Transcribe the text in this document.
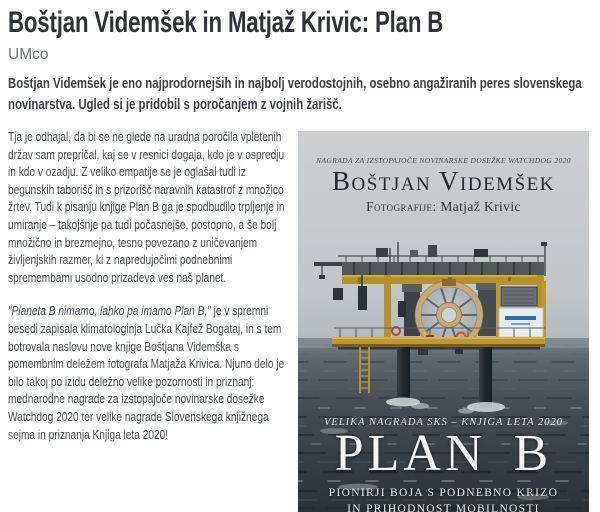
Boštjan Videmšek in Matjaž Krivic: Plan B
UMco
Boštjan Videmšek je eno najprodornejših in najbolj verodostojnih, osebno angažiranih peres slovenskega
novinarstva. Ugled si je pridobil s poročanjem z vojnih žarišč.

Tja je odhajal, da bi se ne glede na uradna poročila vpletenih držav sam prepričal, kaj se v resnici dogaja, kdo je v ospredju in kdo v ozadju. Z veliko empatije se je oglašal tudi iz begunskih taborišč in s prizorišč naravnih katastrof z množico žrtev. Tudi k pisanju knjige Plan B ga je spodbudilo trpljenje in umiranje – takojšnje pa tudi počasnejše, postopno, a še bolj množično in brezmejno, tesno povezano z uničevanjem življenjskih razmer, ki z napredujočimi podnebnimi spremembami usodno prizadeva ves naš planet.

"Planeta B nimamo, lahko pa imamo Plan B," je v spremni besedi zapisala klimatologinja Lučka Kajfež Bogataj, in s tem botrovala naslovu nove knjige Boštjana Videmška s pomembnim deležem fotografa Matjaža Krivica. Njuno delo je bilo takoj po izidu deležno velike pozornosti in priznanj: mednarodne nagrade za izstopajoče novinarske dosežke Watchdog 2020 ter velike nagrade Slovenskega knjižnega sejma in priznanja Knjiga leta 2020!

NAGRADA ZA IZSTOPAJOČE NOVINARSKE DOSEŽKE WATCHDOG 2020
Boštjan Videmšek
Fotografije: Matjaž Krivic
VELIKA NAGRADA SKS – KNJIGA LETA 2020
PLAN B
PIONIRJI BOJA S PODNEBNO KRIZO
IN PRIHODNOST MOBILNOSTI
